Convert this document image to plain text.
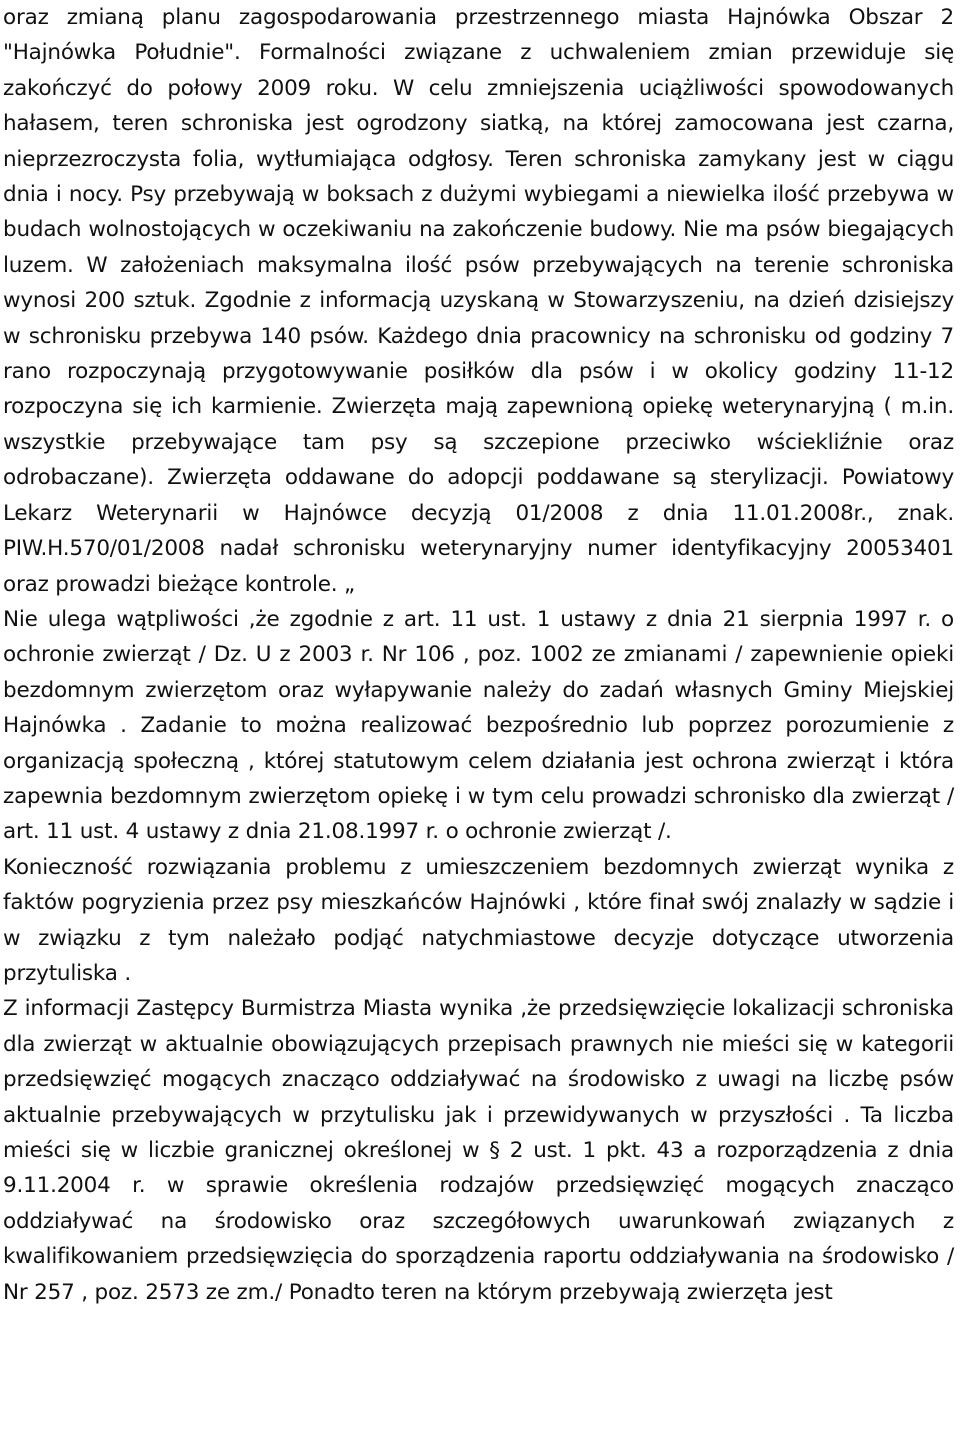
oraz zmianą planu zagospodarowania przestrzennego miasta Hajnówka Obszar 2 "Hajnówka Południe". Formalności związane z uchwaleniem zmian przewiduje się zakończyć do połowy 2009 roku. W celu zmniejszenia uciążliwości spowodowanych hałasem, teren schroniska jest ogrodzony siatką, na której zamocowana jest czarna, nieprzezroczysta folia, wytłumiająca odgłosy. Teren schroniska zamykany jest w ciągu dnia i nocy. Psy przebywają w boksach z dużymi wybiegami a niewielka ilość przebywa w budach wolnostojących w oczekiwaniu na zakończenie budowy. Nie ma psów biegających luzem. W założeniach maksymalna ilość psów przebywających na terenie schroniska wynosi 200 sztuk. Zgodnie z informacją uzyskaną w Stowarzyszeniu, na dzień dzisiejszy w schronisku przebywa 140 psów. Każdego dnia pracownicy na schronisku od godziny 7 rano rozpoczynają przygotowywanie posiłków dla psów i w okolicy godziny 11-12 rozpoczyna się ich karmienie. Zwierzęta mają zapewnioną opiekę weterynaryjną ( m.in. wszystkie przebywające tam psy są szczepione przeciwko wściekliźnie oraz odrobaczane). Zwierzęta oddawane do adopcji poddawane są sterylizacji. Powiatowy Lekarz Weterynarii w Hajnówce decyzją 01/2008 z dnia 11.01.2008r., znak. PIW.H.570/01/2008 nadał schronisku weterynaryjny numer identyfikacyjny 20053401 oraz prowadzi bieżące kontrole. „

Nie ulega wątpliwości ,że zgodnie z art. 11 ust. 1 ustawy z dnia 21 sierpnia 1997 r. o ochronie zwierząt / Dz. U z 2003 r. Nr 106 , poz. 1002 ze zmianami / zapewnienie opieki bezdomnym zwierzętom oraz wyłapywanie należy do zadań własnych Gminy Miejskiej Hajnówka . Zadanie to można realizować bezpośrednio lub poprzez porozumienie z organizacją społeczną , której statutowym celem działania jest ochrona zwierząt i która zapewnia bezdomnym zwierzętom opiekę i w tym celu prowadzi schronisko dla zwierząt / art. 11 ust. 4 ustawy z dnia 21.08.1997 r. o ochronie zwierząt /.

Konieczność rozwiązania problemu z umieszczeniem bezdomnych zwierząt wynika z faktów pogryzienia przez psy mieszkańców Hajnówki , które finał swój znalazły w sądzie i w związku z tym należało podjąć natychmiastowe decyzje dotyczące utworzenia przytuliska .

Z informacji Zastępcy Burmistrza Miasta wynika ,że przedsięwzięcie lokalizacji schroniska dla zwierząt w aktualnie obowiązujących przepisach prawnych nie mieści się w kategorii przedsięwzięć mogących znacząco oddziaływać na środowisko z uwagi na liczbę psów aktualnie przebywających w przytulisku jak i przewidywanych w przyszłości . Ta liczba mieści się w liczbie granicznej określonej w § 2 ust. 1 pkt. 43 a rozporządzenia z dnia 9.11.2004 r. w sprawie określenia rodzajów przedsięwzięć mogących znacząco oddziaływać na środowisko oraz szczegółowych uwarunkowań związanych z kwalifikowaniem przedsięwzięcia do sporządzenia raportu oddziaływania na środowisko / Nr 257 , poz. 2573 ze zm./ Ponadto teren na którym przebywają zwierzęta jest
